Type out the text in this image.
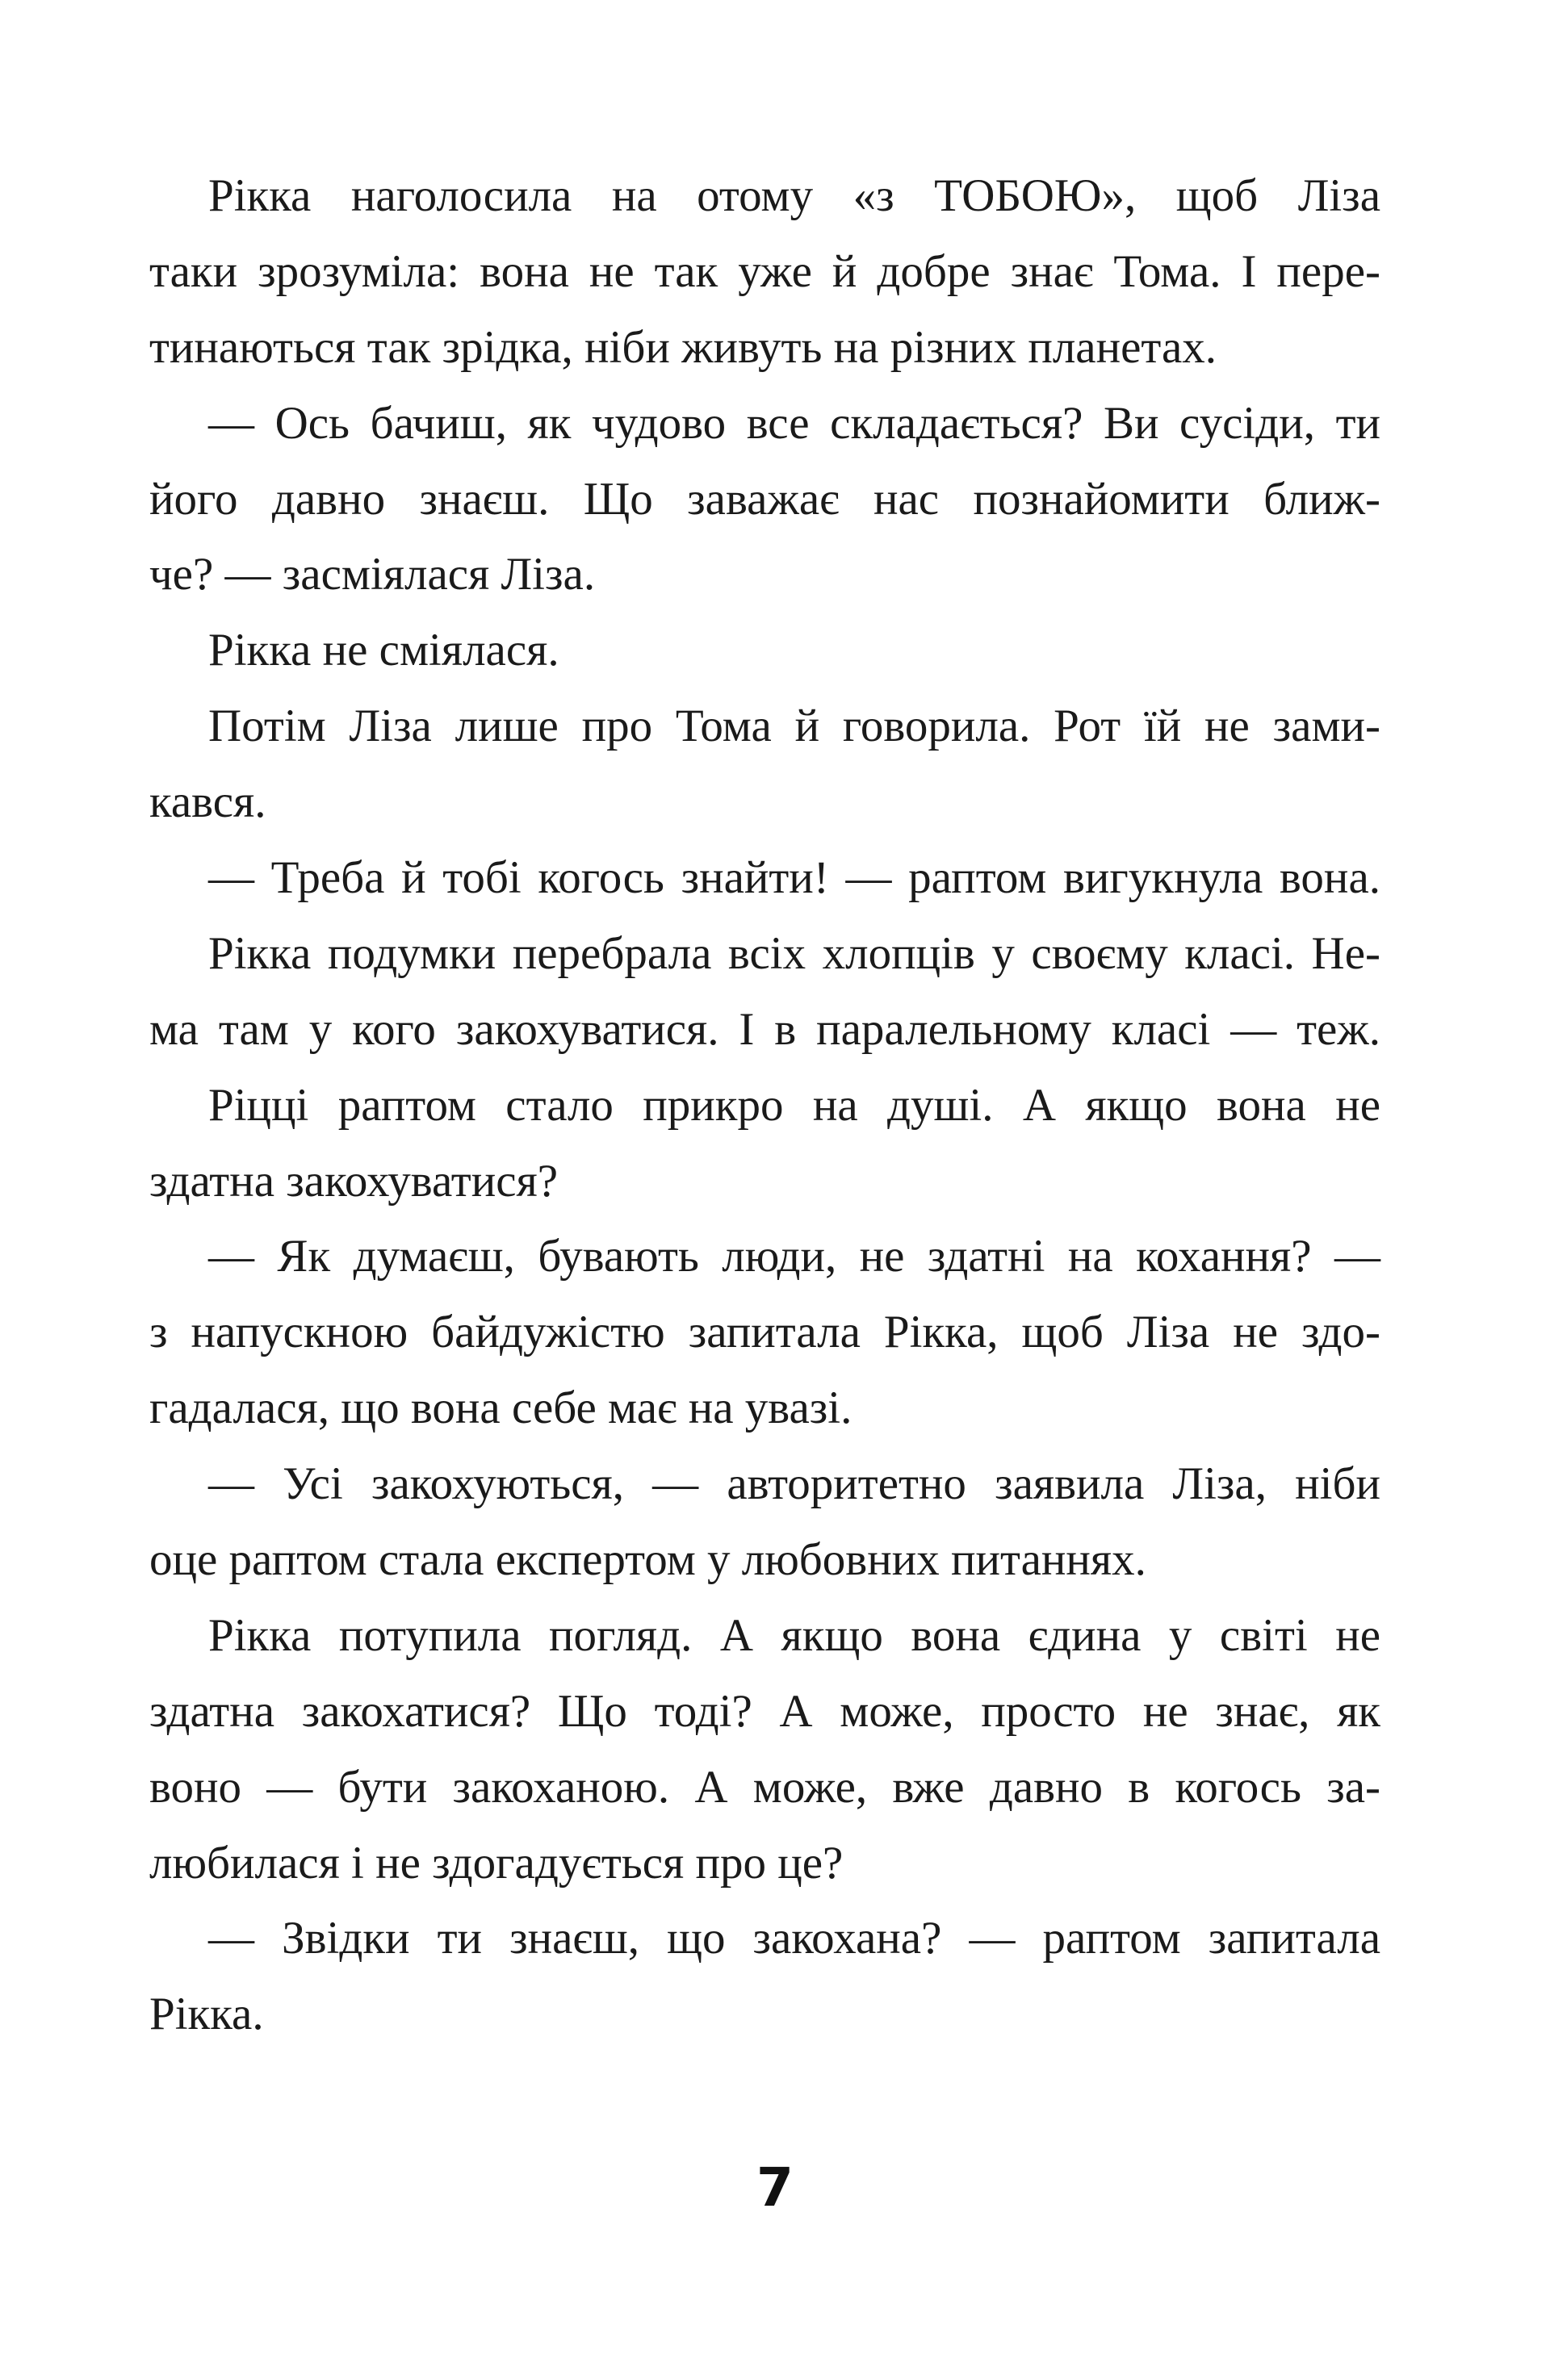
Рікка наголосила на отому «з ТОБОЮ», щоб Ліза
таки зрозуміла: вона не так уже й добре знає Тома. І пере-
тинаються так зрідка, ніби живуть на різних планетах.
— Ось бачиш, як чудово все складається? Ви сусіди, ти
його давно знаєш. Що заважає нас познайомити ближ-
че? — засміялася Ліза.
Рікка не сміялася.
Потім Ліза лише про Тома й говорила. Рот їй не зами-
кався.
— Треба й тобі когось знайти! — раптом вигукнула вона.
Рікка подумки перебрала всіх хлопців у своєму класі. Не-
ма там у кого закохуватися. І в паралельному класі — теж.
Ріцці раптом стало прикро на душі. А якщо вона не
здатна закохуватися?
— Як думаєш, бувають люди, не здатні на кохання? —
з напускною байдужістю запитала Рікка, щоб Ліза не здо-
гадалася, що вона себе має на увазі.
— Усі закохуються, — авторитетно заявила Ліза, ніби
оце раптом стала експертом у любовних питаннях.
Рікка потупила погляд. А якщо вона єдина у світі не
здатна закохатися? Що тоді? А може, просто не знає, як
воно — бути закоханою. А може, вже давно в когось за-
любилася і не здогадується про це?
— Звідки ти знаєш, що закохана? — раптом запитала
Рікка.
7
